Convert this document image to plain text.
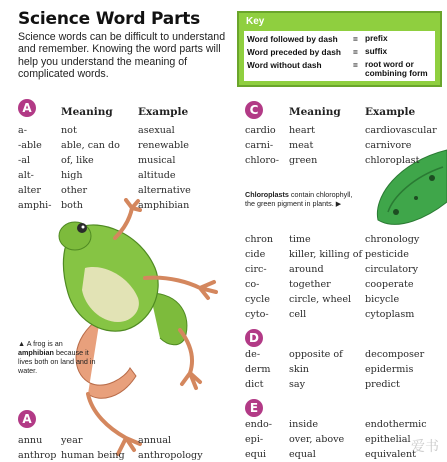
Science Word Parts
Science words can be difficult to understand and remember. Knowing the word parts will help you understand the meaning of complicated words.
Key
Word followed by dash = prefix
Word preceded by dash = suffix
Word without dash	= root word or combining form
A	Meaning Example
a-	not	asexual
-able able, can do renewable
-al	of, like	musical
alt-	high	altitude
alter other	alternative
amphi- both	amphibian
▲ A frog is an amphibian because it lives both on land and in water.
A
annu year	annual
anthrop human being anthropology
C	Meaning Example
cardio heart	cardiovascular
carni- meat	carnivore
chloro- green	chloroplast
Chloroplasts contain chlorophyll, the green pigment in plants. ▶
chron time	chronology
cide killer, killing of pesticide
circ- around	circulatory
co-	together	cooperate
cycle circle, wheel bicycle
cyto- cell	cytoplasm
D
de-	opposite of decomposer
derm skin	epidermis
dict	say	predict
E
endo- inside	endothermic
epi-	over, above epithelial
equi equal	equivalent
爱书
